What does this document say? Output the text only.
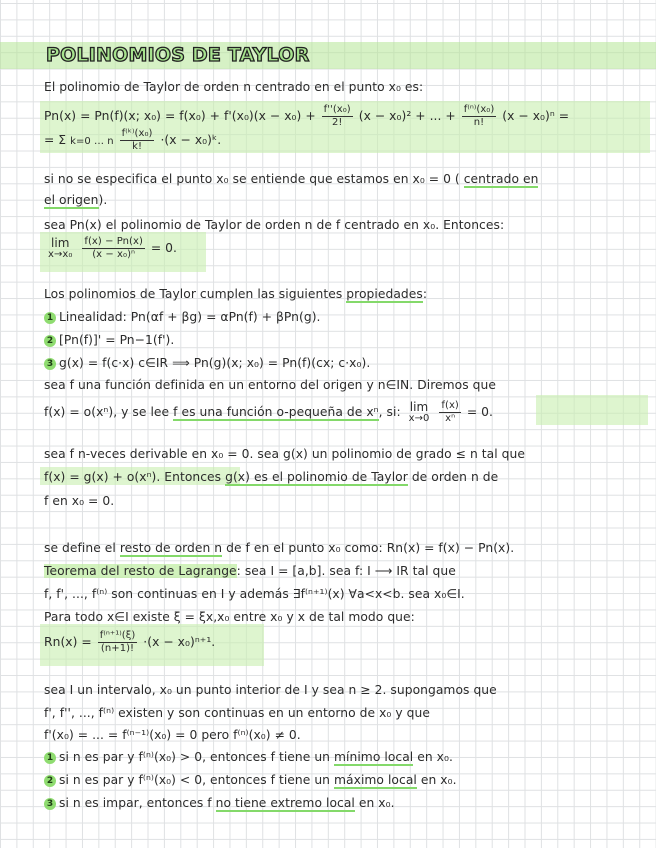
POLINOMIOS DE TAYLOR
El polinomio de Taylor de orden n centrado en el punto x₀ es:
Pn(x) = Pn(f)(x; $x_0) = f(x_0) + f'(x_0)(x - x_0) + \frac{\text{f''(x₀)}}{2!} (x - x_0)^2$ + ... + $\frac{\text{f⁽ⁿ⁾(x₀)}}{n!} (x - x_0)^n$ =
= Σ k=0 … n $\frac{\text{f⁽ᵏ⁾(x₀)}}{k!} \cdot(x$ − x₀)ᵏ.
si no se especifica el punto x₀ se entiende que estamos en x₀ = 0 ( centrado en
el origen).
sea Pn(x) el polinomio de Taylor de orden n de f centrado en x₀. Entonces:
lim
x→x₀
$\frac{f(x) - Pn(x)}{\text{(x − x₀)ⁿ}} = 0$.
Los polinomios de Taylor cumplen las siguientes propiedades:
1 Linealidad: Pn(αf + βg) = αPn(f) + βPn(g).
2 [Pn(f)]' = Pn−1(f').
3 g(x) = f(c·x) c∈IR ⟹ Pn(g)(x; x₀) = Pn(f)(cx; c·x₀).
sea f una función definida en un entorno del origen y n∈IN. Diremos que
f(x) = o(xⁿ), y se lee f es una función o-pequeña de xⁿ, si: lim
x→0
$\frac{f(x)}{\text{xⁿ}} = 0$.
sea f n-veces derivable en x₀ = 0. sea g(x) un polinomio de grado ≤ n tal que
f(x) = g(x) + o(xⁿ). Entonces g(x) es el polinomio de Taylor de orden n de
f en x₀ = 0.
se define el resto de orden n de f en el punto x₀ como: Rn(x) = f(x) − Pn(x).
Teorema del resto de Lagrange: sea I = [a,b]. sea f: I ⟶ IR tal que
f, f', ..., f⁽ⁿ⁾ son continuas en I y además ∃f⁽ⁿ⁺¹⁾(x) ∀a<x<b. sea x₀∈I.
Para todo x∈I existe ξ = ξx,x₀ entre x₀ y x de tal modo que:
$Rn(x) = \frac{\text{f⁽ⁿ⁺¹⁾(ξ)}}{(n+1)!} \cdot(x - x_0)^{n+1}$.
sea I un intervalo, x₀ un punto interior de I y sea n ≥ 2. supongamos que
f', f'', ..., f⁽ⁿ⁾ existen y son continuas en un entorno de x₀ y que
f'(x₀) = ... = f⁽ⁿ⁻¹⁾(x₀) = 0 pero f⁽ⁿ⁾(x₀) ≠ 0.
1 si n es par y f⁽ⁿ⁾(x₀) > 0, entonces f tiene un mínimo local en x₀.
2 si n es par y f⁽ⁿ⁾(x₀) < 0, entonces f tiene un máximo local en x₀.
3 si n es impar, entonces f no tiene extremo local en x₀.
